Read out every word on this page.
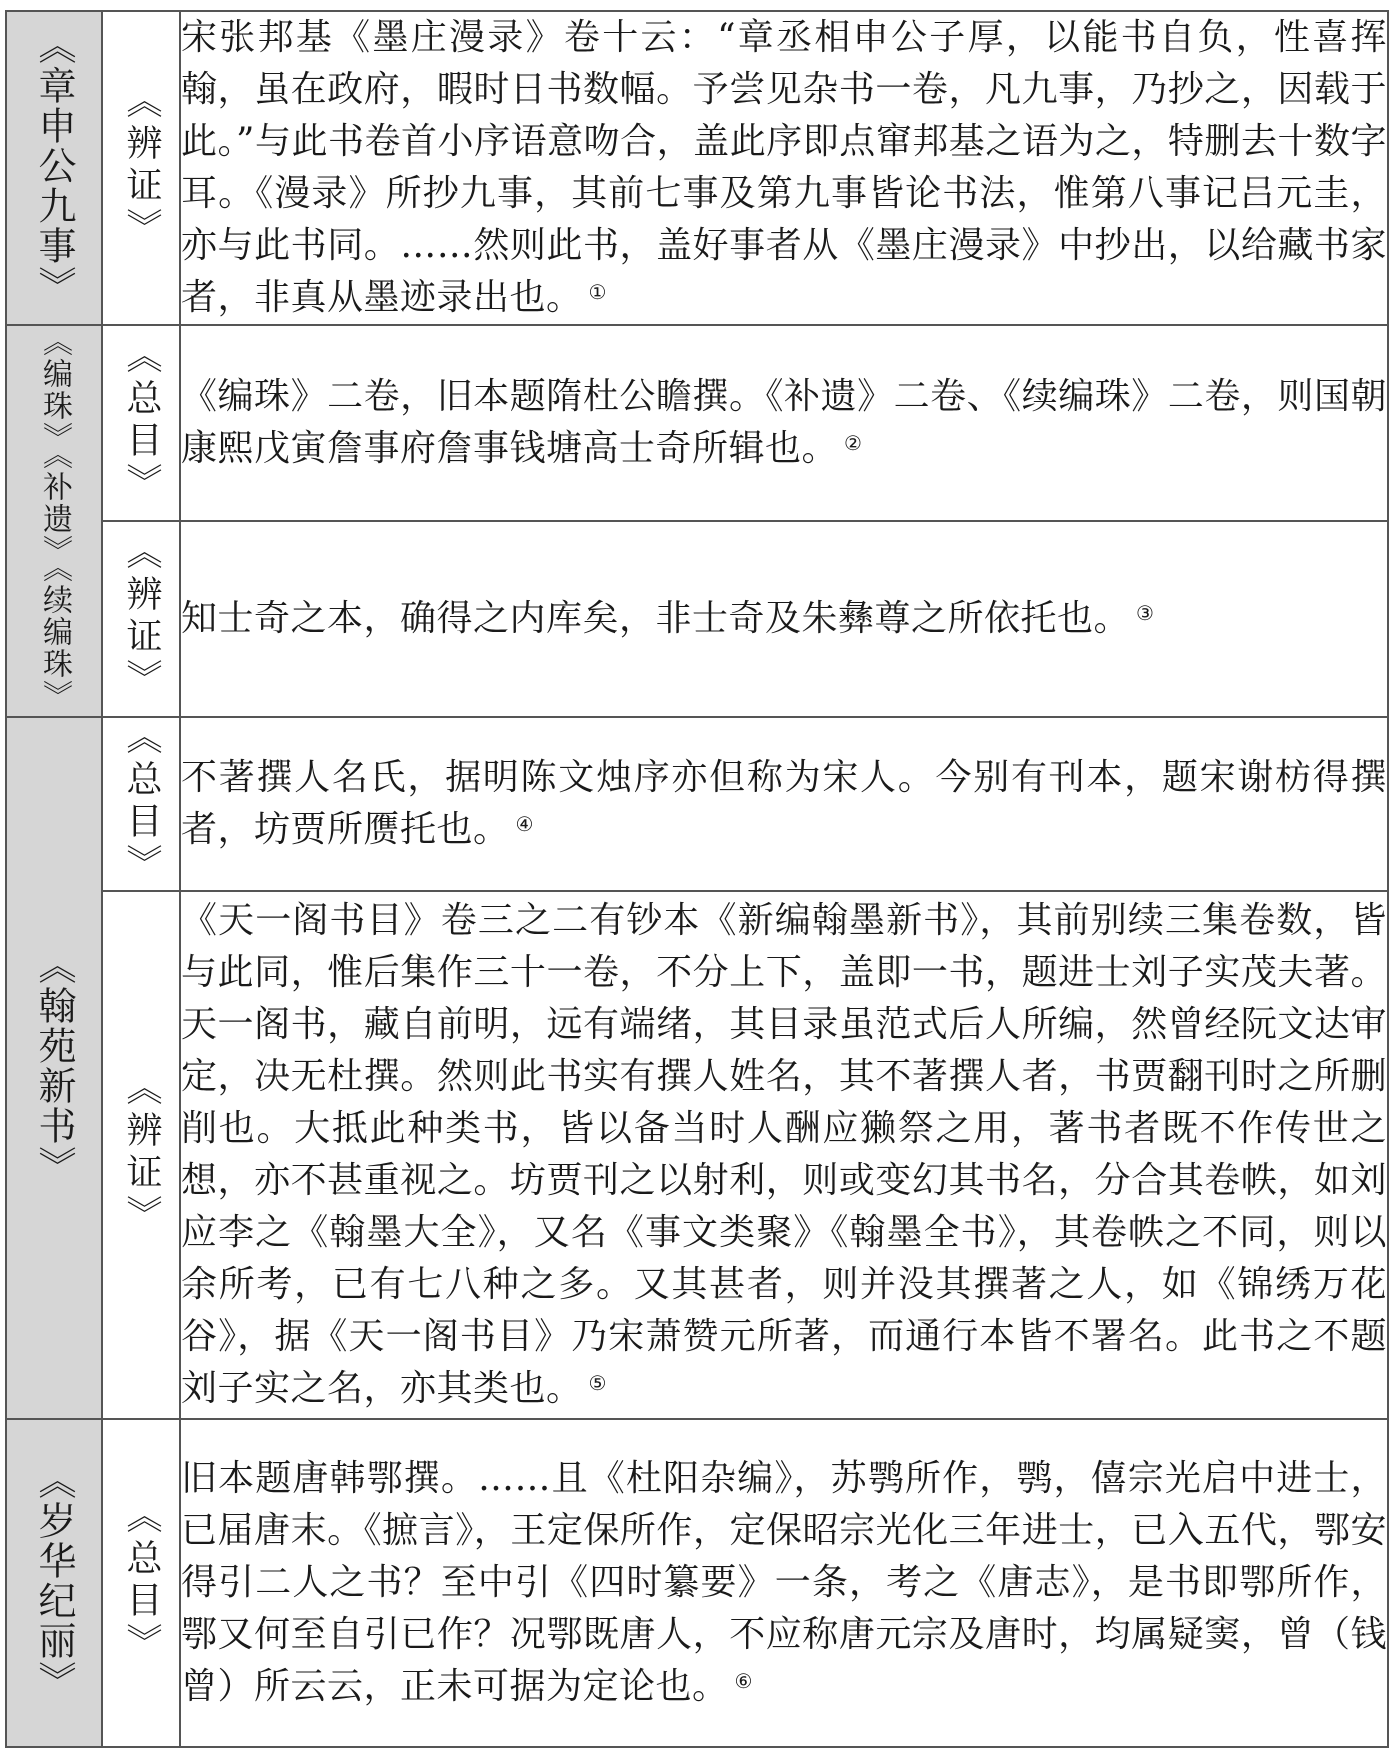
《章申公九事》	《辨证》	宋张邦基《墨庄漫录》卷十云：“章丞相申公子厚，以能书自负，性喜挥翰，虽在政府，暇时日书数幅。予尝见杂书一卷，凡九事，乃抄之，因载于此。”与此书卷首小序语意吻合，盖此序即点窜邦基之语为之，特删去十数字耳。《漫录》所抄九事，其前七事及第九事皆论书法，惟第八事记吕元圭，亦与此书同。……然则此书，盖好事者从《墨庄漫录》中抄出，以给藏书家者，非真从墨迹录出也。 ①

《编珠》《补遗》《续编珠》	《总目》	《编珠》二卷，旧本题隋杜公瞻撰。《补遗》二卷、《续编珠》二卷，则国朝康熙戊寅詹事府詹事钱塘高士奇所辑也。 ②

	《辨证》	知士奇之本，确得之内库矣，非士奇及朱彝尊之所依托也。 ③

《翰苑新书》	《总目》	不著撰人名氏，据明陈文烛序亦但称为宋人。今别有刊本，题宋谢枋得撰者，坊贾所赝托也。 ④

	《辨证》	《天一阁书目》卷三之二有钞本《新编翰墨新书》，其前别续三集卷数，皆与此同，惟后集作三十一卷，不分上下，盖即一书，题进士刘子实茂夫著。天一阁书，藏自前明，远有端绪，其目录虽范式后人所编，然曾经阮文达审定，决无杜撰。然则此书实有撰人姓名，其不著撰人者，书贾翻刊时之所删削也。大抵此种类书，皆以备当时人酬应獭祭之用，著书者既不作传世之想，亦不甚重视之。坊贾刊之以射利，则或变幻其书名，分合其卷帙，如刘应李之《翰墨大全》，又名《事文类聚》《翰墨全书》，其卷帙之不同，则以余所考，已有七八种之多。又其甚者，则并没其撰著之人，如《锦绣万花谷》，据《天一阁书目》乃宋萧赞元所著，而通行本皆不署名。此书之不题刘子实之名，亦其类也。 ⑤

《岁华纪丽》	《总目》	旧本题唐韩鄂撰。……且《杜阳杂编》，苏鹗所作，鹗，僖宗光启中进士，已届唐末。《摭言》，王定保所作，定保昭宗光化三年进士，已入五代，鄂安得引二人之书？至中引《四时纂要》一条，考之《唐志》，是书即鄂所作，鄂又何至自引已作？况鄂既唐人，不应称唐元宗及唐时，均属疑窦，曾（钱曾）所云云，正未可据为定论也。 ⑥
